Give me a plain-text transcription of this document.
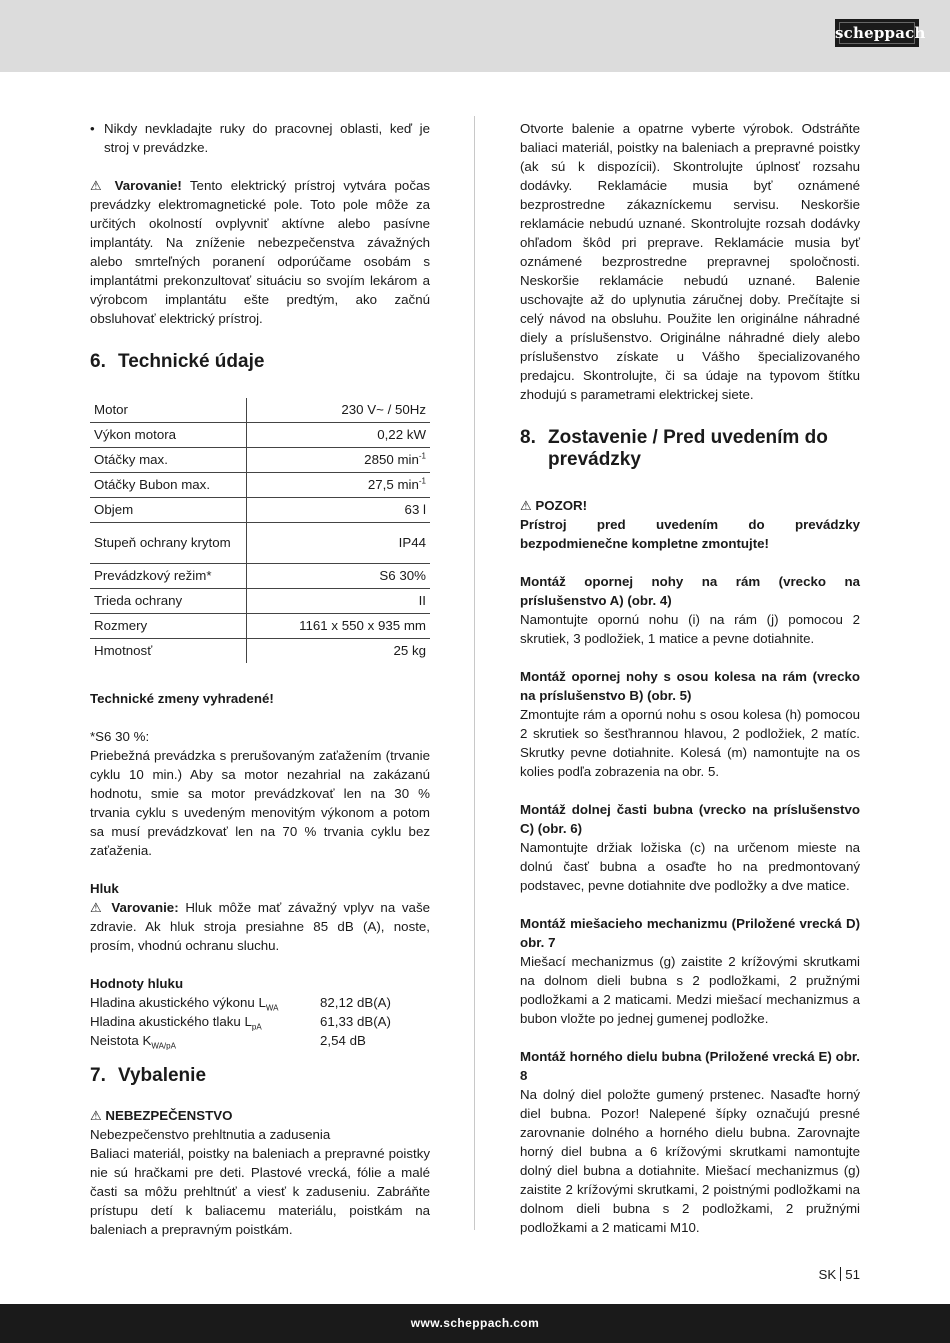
scheppach
• Nikdy nevkladajte ruky do pracovnej oblasti, keď je stroj v prevádzke.

⚠ Varovanie! Tento elektrický prístroj vytvára počas prevádzky elektromagnetické pole. Toto pole môže za určitých okolností ovplyvniť aktívne alebo pasívne implantáty. Na zníženie nebezpečenstva závažných alebo smrteľných poranení odporúčame osobám s implantátmi prekonzultovať situáciu so svojím lekárom a výrobcom implantátu ešte predtým, ako začnú obsluhovať elektrický prístroj.

6. Technické údaje
Motor	230 V~ / 50Hz
Výkon motora	0,22 kW
Otáčky max.	2850 $\min^{-1}$
Otáčky Bubon max.	27,5 $\min^{-1}$
Objem	63 l
Stupeň ochrany krytom	IP44
Prevádzkový režim*	S6 30%
Trieda ochrany	II
Rozmery	1161 x 550 x 935 mm
Hmotnosť	25 kg

Technické zmeny vyhradené!

*S6 30 %:

Priebežná prevádzka s prerušovaným zaťažením (trvanie cyklu 10 min.) Aby sa motor nezahrial na zakázanú hodnotu, smie sa motor prevádzkovať len na 30 % trvania cyklu s uvedeným menovitým výkonom a potom sa musí prevádzkovať len na 70 % trvania cyklu bez zaťaženia.

Hluk

⚠ Varovanie: Hluk môže mať závažný vplyv na vaše zdravie. Ak hluk stroja presiahne 85 dB (A), noste, prosím, vhodnú ochranu sluchu.

Hodnoty hluku

Hladina akustického výkonu $L_{WA}$	82,12 dB(A)
Hladina akustického tlaku $L_{pA}$	61,33 dB(A)
Neistota $K_{WA/pA}$	2,54 dB
7. Vybalenie

⚠ NEBEZPEČENSTVO

Nebezpečenstvo prehltnutia a zadusenia

Baliaci materiál, poistky na baleniach a prepravné poistky nie sú hračkami pre deti. Plastové vrecká, fólie a malé časti sa môžu prehltnúť a viesť k zaduseniu. Zabráňte prístupu detí k baliacemu materiálu, poistkám na baleniach a prepravným poistkám.

Otvorte balenie a opatrne vyberte výrobok. Odstráňte baliaci materiál, poistky na baleniach a prepravné poistky (ak sú k dispozícii). Skontrolujte úplnosť rozsahu dodávky. Reklamácie musia byť oznámené bezprostredne zákazníckemu servisu. Neskoršie reklamácie nebudú uznané. Skontrolujte rozsah dodávky ohľadom škôd pri preprave. Reklamácie musia byť oznámené bezprostredne prepravnej spoločnosti. Neskoršie reklamácie nebudú uznané. Balenie uschovajte až do uplynutia záručnej doby. Prečítajte si celý návod na obsluhu. Použite len originálne náhradné diely a príslušenstvo. Originálne náhradné diely alebo príslušenstvo získate u Vášho špecializovaného predajcu. Skontrolujte, či sa údaje na typovom štítku zhodujú s parametrami elektrickej siete.

8. Zostavenie / Pred uvedením do prevádzky

⚠ POZOR!

Prístroj pred uvedením do prevádzky bezpodmienečne kompletne zmontujte!

Montáž opornej nohy na rám (vrecko na príslušenstvo A) (obr. 4)

Namontujte opornú nohu (i) na rám (j) pomocou 2 skrutiek, 3 podložiek, 1 matice a pevne dotiahnite.

Montáž opornej nohy s osou kolesa na rám (vrecko na príslušenstvo B) (obr. 5)

Zmontujte rám a opornú nohu s osou kolesa (h) pomocou 2 skrutiek so šesťhrannou hlavou, 2 podložiek, 2 matíc. Skrutky pevne dotiahnite. Kolesá (m) namontujte na os kolies podľa zobrazenia na obr. 5.

Montáž dolnej časti bubna (vrecko na príslušenstvo C) (obr. 6)

Namontujte držiak ložiska (c) na určenom mieste na dolnú časť bubna a osaďte ho na predmontovaný podstavec, pevne dotiahnite dve podložky a dve matice.

Montáž miešacieho mechanizmu (Priložené vrecká D) obr. 7

Miešací mechanizmus (g) zaistite 2 krížovými skrutkami na dolnom dieli bubna s 2 podložkami, 2 pružnými podložkami a 2 maticami. Medzi miešací mechanizmus a bubon vložte po jednej gumenej podložke.

Montáž horného dielu bubna (Priložené vrecká E) obr. 8

Na dolný diel položte gumený prstenec. Nasaďte horný diel bubna. Pozor! Nalepené šípky označujú presné zarovnanie dolného a horného dielu bubna. Zarovnajte horný diel bubna a 6 krížovými skrutkami namontujte dolný diel bubna a dotiahnite. Miešací mechanizmus (g) zaistite 2 krížovými skrutkami, 2 poistnými podložkami na dolnom dieli bubna s 2 podložkami, 2 pružnými podložkami a 2 maticami M10.

SK 51
www.scheppach.com
